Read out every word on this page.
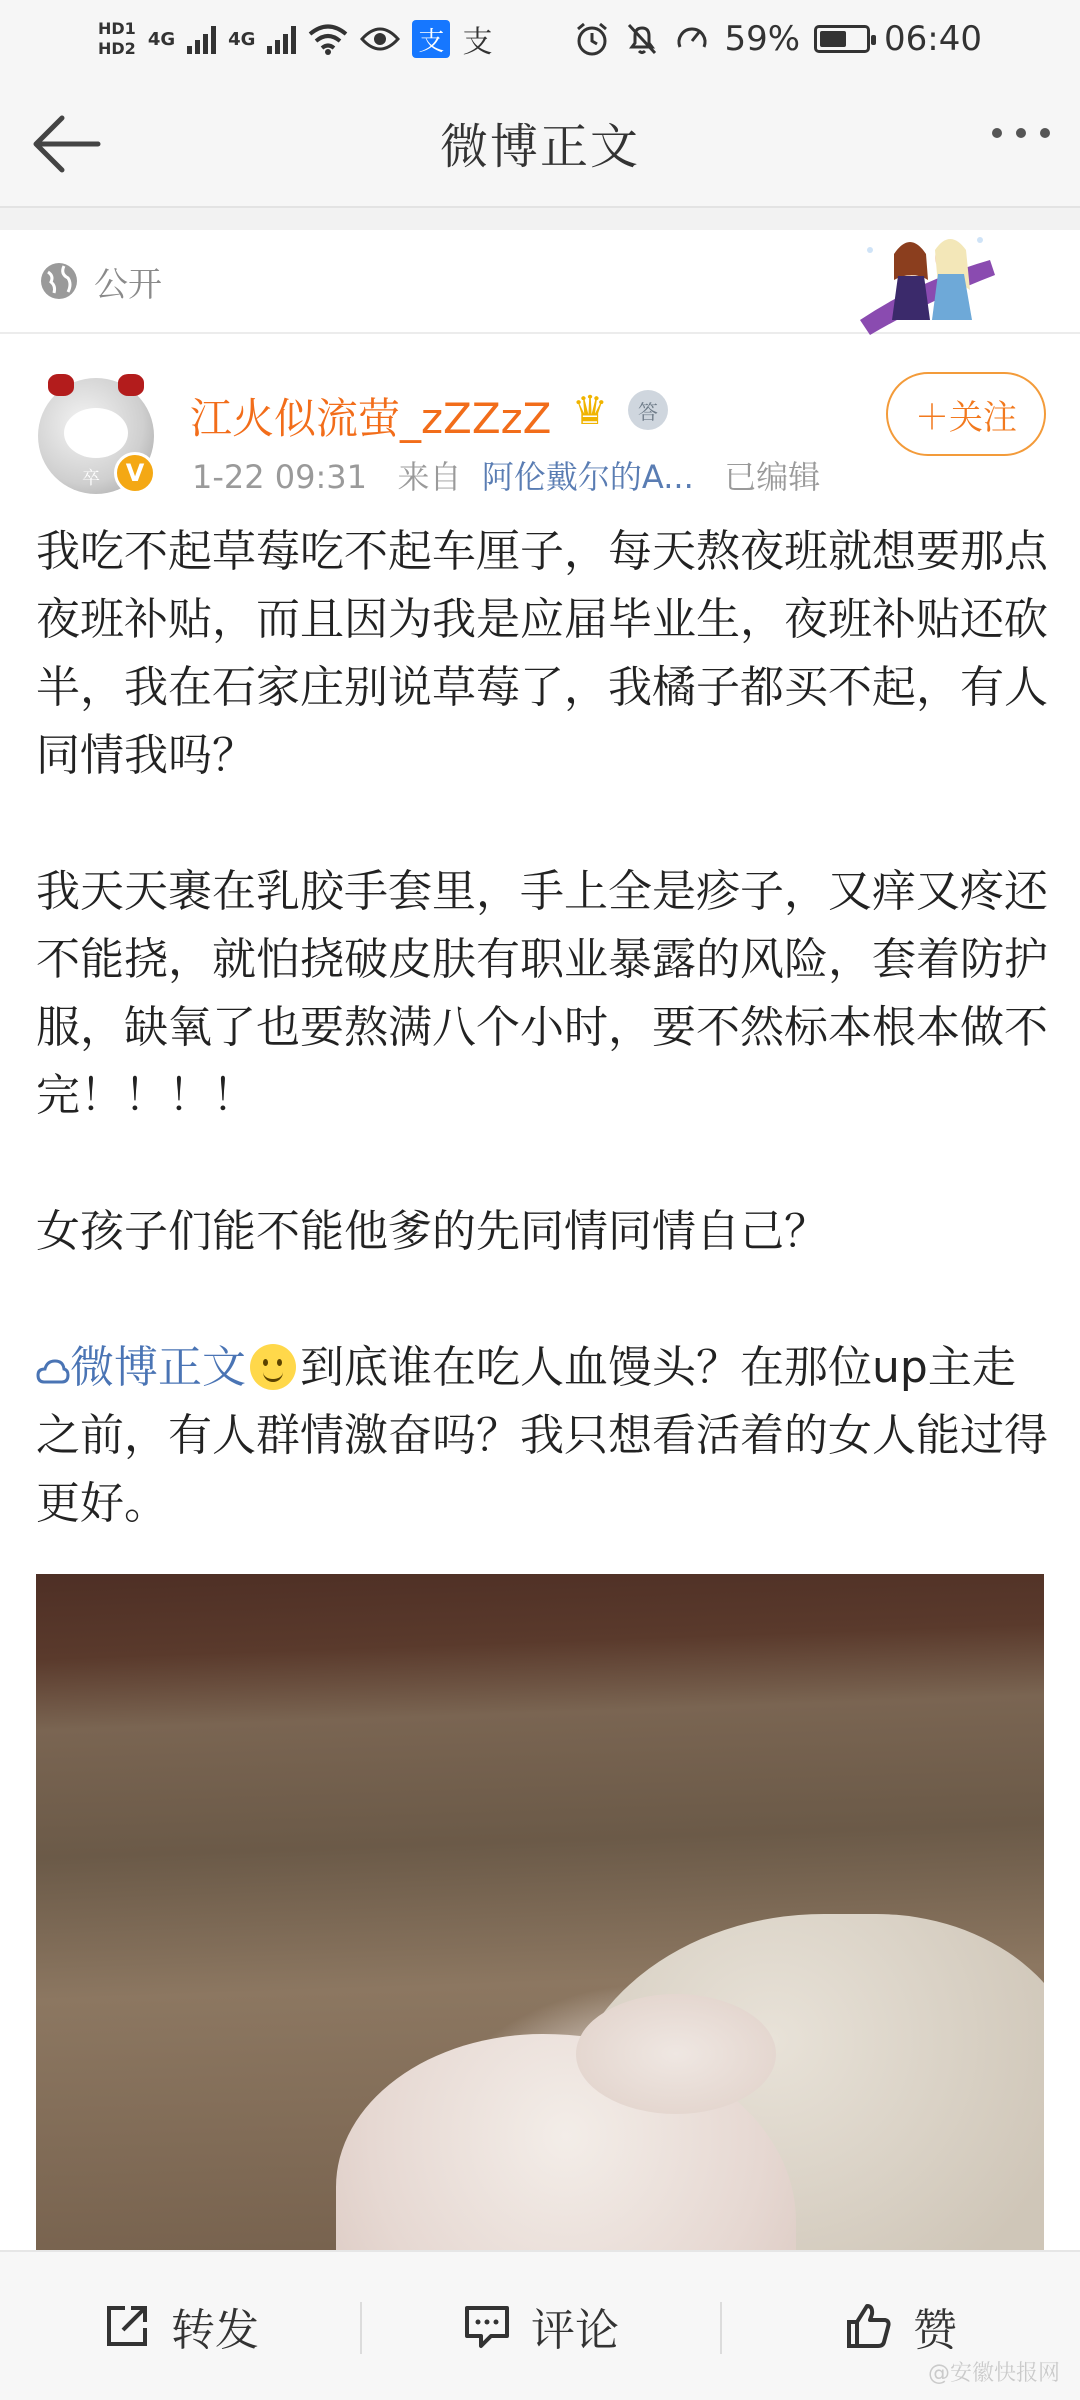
HD1
HD2 4G	4G	支 支	59% 06:40
微博正文
公开
卒	V
江火似流萤_zZZzZ ♛	答
1-22 09:31 来自 阿伦戴尔的A... 已编辑
＋关注

我吃不起草莓吃不起车厘子，每天熬夜班就想要那点夜班补贴，而且因为我是应届毕业生，夜班补贴还砍半，我在石家庄别说草莓了，我橘子都买不起，有人同情我吗？

我天天裹在乳胶手套里，手上全是疹子，又痒又疼还不能挠，就怕挠破皮肤有职业暴露的风险，套着防护服，缺氧了也要熬满八个小时，要不然标本根本做不完！！！！

女孩子们能不能他爹的先同情同情自己？

微博正文 到底谁在吃人血馒头？在那位up主走之前，有人群情激奋吗？我只想看活着的女人能过得更好。

转发	评论	赞
@安徽快报网
